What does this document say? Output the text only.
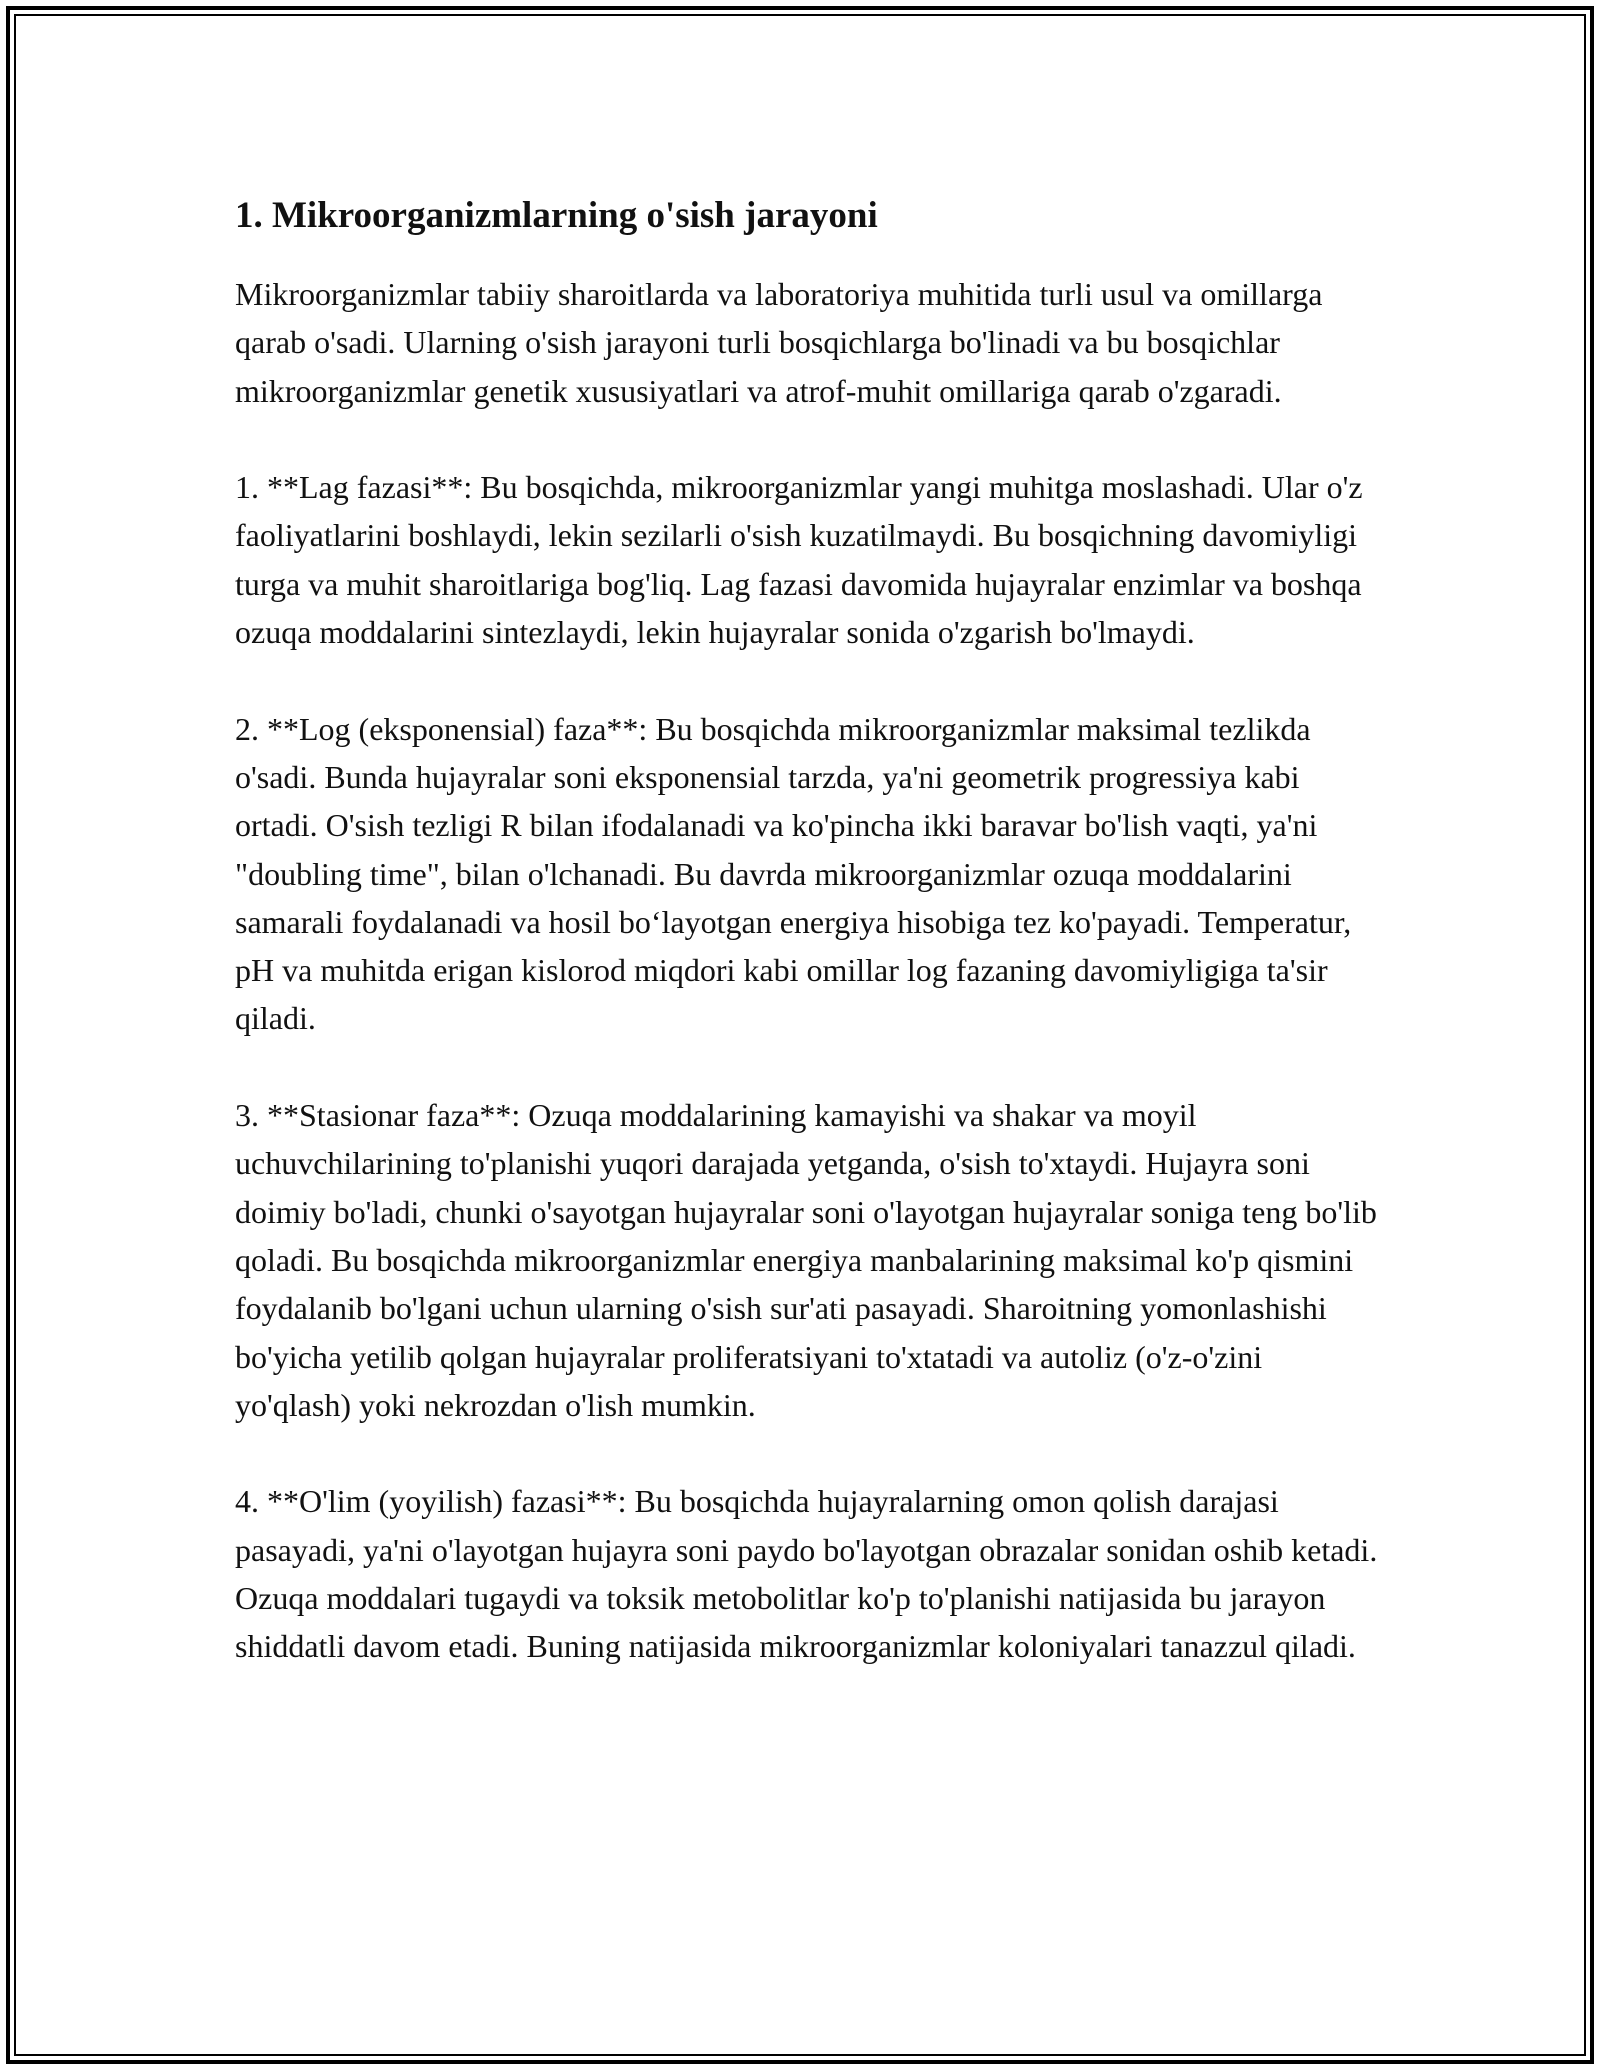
1. Mikroorganizmlarning o'sish jarayoni

Mikroorganizmlar tabiiy sharoitlarda va laboratoriya muhitida turli usul va omillarga qarab o'sadi. Ularning o'sish jarayoni turli bosqichlarga bo'linadi va bu bosqichlar mikroorganizmlar genetik xususiyatlari va atrof-muhit omillariga qarab o'zgaradi.

1. **Lag fazasi**: Bu bosqichda, mikroorganizmlar yangi muhitga moslashadi. Ular o'z faoliyatlarini boshlaydi, lekin sezilarli o'sish kuzatilmaydi. Bu bosqichning davomiyligi turga va muhit sharoitlariga bog'liq. Lag fazasi davomida hujayralar enzimlar va boshqa ozuqa moddalarini sintezlaydi, lekin hujayralar sonida o'zgarish bo'lmaydi.

2. **Log (eksponensial) faza**: Bu bosqichda mikroorganizmlar maksimal tezlikda o'sadi. Bunda hujayralar soni eksponensial tarzda, ya'ni geometrik progressiya kabi ortadi. O'sish tezligi R bilan ifodalanadi va ko'pincha ikki baravar bo'lish vaqti, ya'ni "doubling time", bilan o'lchanadi. Bu davrda mikroorganizmlar ozuqa moddalarini samarali foydalanadi va hosil bo‘layotgan energiya hisobiga tez ko'payadi. Temperatur, pH va muhitda erigan kislorod miqdori kabi omillar log fazaning davomiyligiga ta'sir qiladi.

3. **Stasionar faza**: Ozuqa moddalarining kamayishi va shakar va moyil uchuvchilarining to'planishi yuqori darajada yetganda, o'sish to'xtaydi. Hujayra soni doimiy bo'ladi, chunki o'sayotgan hujayralar soni o'layotgan hujayralar soniga teng bo'lib qoladi. Bu bosqichda mikroorganizmlar energiya manbalarining maksimal ko'p qismini foydalanib bo'lgani uchun ularning o'sish sur'ati pasayadi. Sharoitning yomonlashishi bo'yicha yetilib qolgan hujayralar proliferatsiyani to'xtatadi va autoliz (o'z-o'zini yo'qlash) yoki nekrozdan o'lish mumkin.

4. **O'lim (yoyilish) fazasi**: Bu bosqichda hujayralarning omon qolish darajasi pasayadi, ya'ni o'layotgan hujayra soni paydo bo'layotgan obrazalar sonidan oshib ketadi. Ozuqa moddalari tugaydi va toksik metobolitlar ko'p to'planishi natijasida bu jarayon shiddatli davom etadi. Buning natijasida mikroorganizmlar koloniyalari tanazzul qiladi.
